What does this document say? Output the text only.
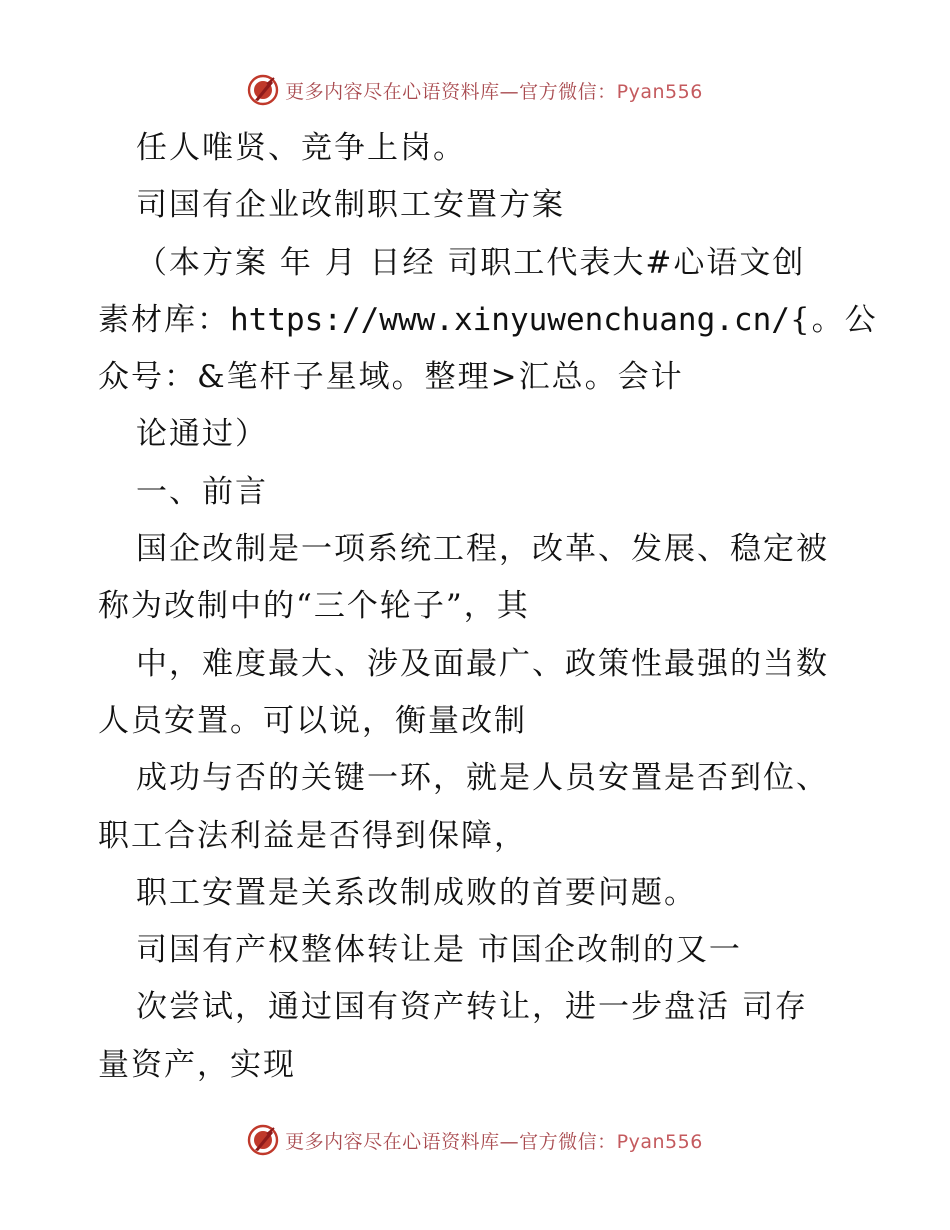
更多内容尽在心语资料库—官方微信：Pyan556
任人唯贤、竞争上岗。
司国有企业改制职工安置方案
（本方案 年 月 日经 司职工代表大#心语文创
素材库：https://www.xinyuwenchuang.cn/{。公
众号：&笔杆子星域。整理>汇总。会计
论通过）
一、前言
国企改制是一项系统工程，改革、发展、稳定被
称为改制中的“三个轮子”，其
中，难度最大、涉及面最广、政策性最强的当数
人员安置。可以说，衡量改制
成功与否的关键一环，就是人员安置是否到位、
职工合法利益是否得到保障，
职工安置是关系改制成败的首要问题。
司国有产权整体转让是 市国企改制的又一
次尝试，通过国有资产转让，进一步盘活 司存
量资产，实现
更多内容尽在心语资料库—官方微信：Pyan556
